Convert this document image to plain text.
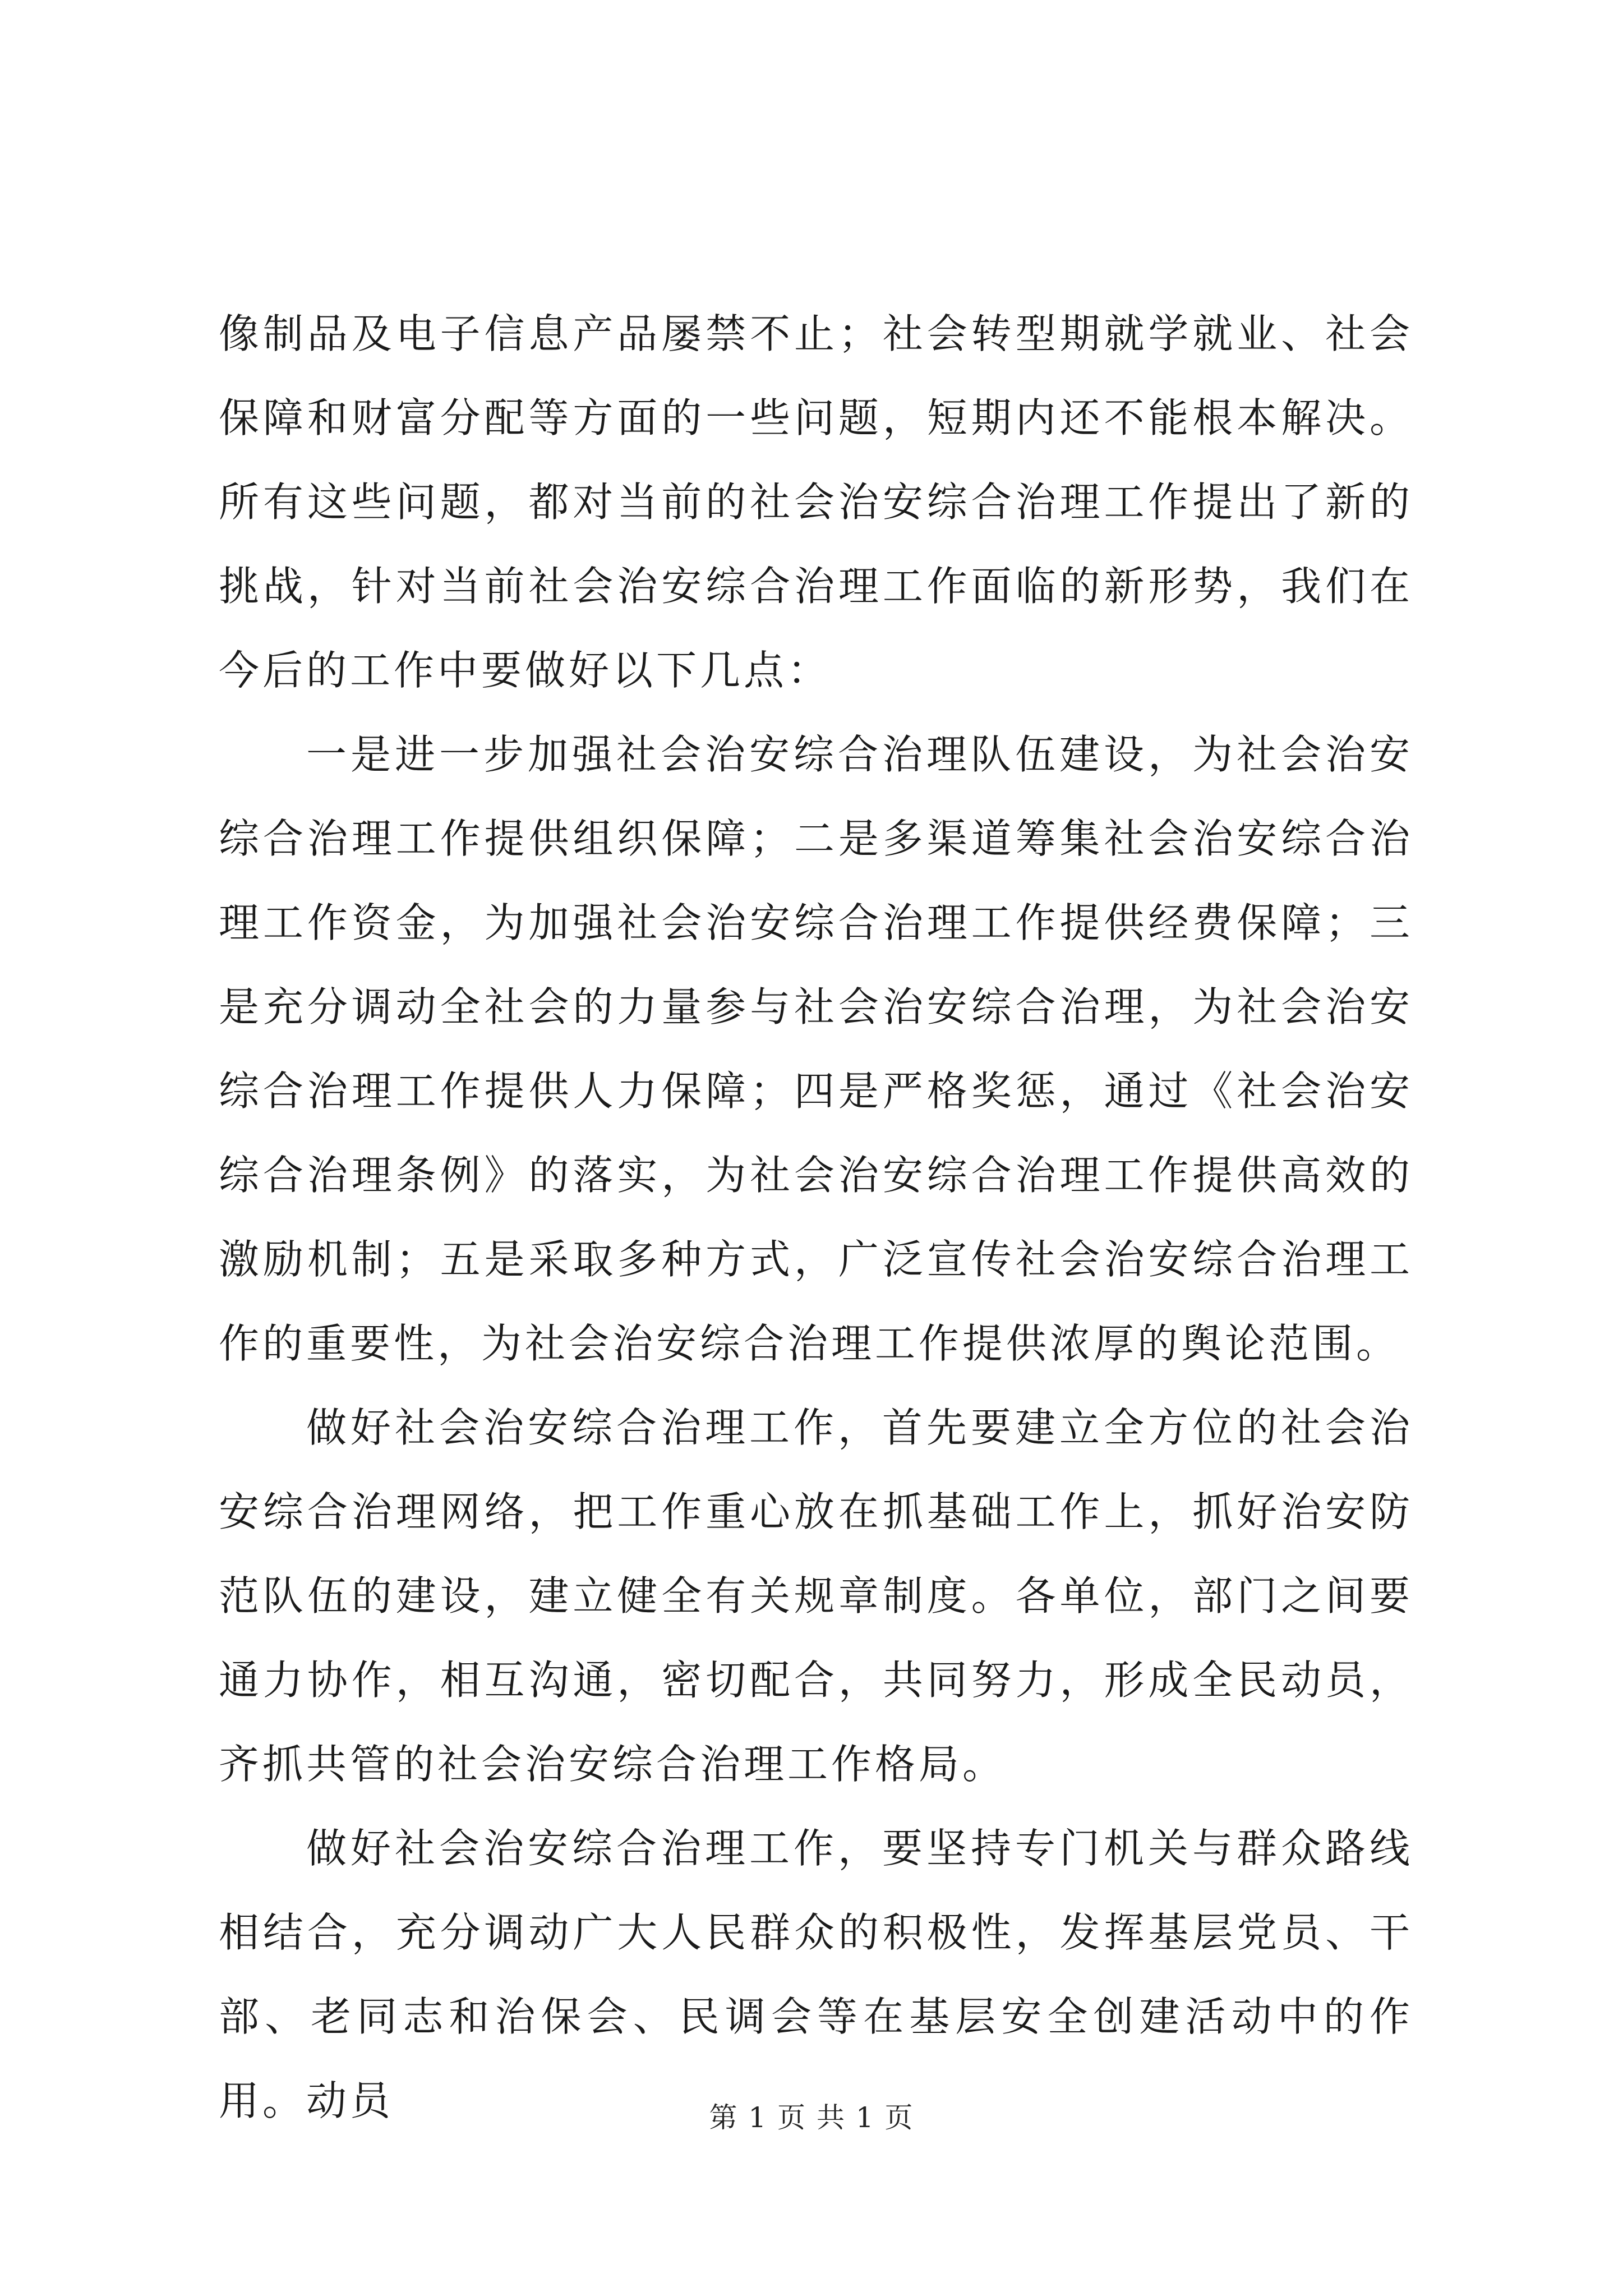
像制品及电子信息产品屡禁不止；社会转型期就学就业、社会保障和财富分配等方面的一些问题，短期内还不能根本解决。所有这些问题，都对当前的社会治安综合治理工作提出了新的挑战，针对当前社会治安综合治理工作面临的新形势，我们在今后的工作中要做好以下几点：

一是进一步加强社会治安综合治理队伍建设，为社会治安综合治理工作提供组织保障；二是多渠道筹集社会治安综合治理工作资金，为加强社会治安综合治理工作提供经费保障；三是充分调动全社会的力量参与社会治安综合治理，为社会治安综合治理工作提供人力保障；四是严格奖惩，通过《社会治安综合治理条例》的落实，为社会治安综合治理工作提供高效的激励机制；五是采取多种方式，广泛宣传社会治安综合治理工作的重要性，为社会治安综合治理工作提供浓厚的舆论范围。

做好社会治安综合治理工作，首先要建立全方位的社会治安综合治理网络，把工作重心放在抓基础工作上，抓好治安防范队伍的建设，建立健全有关规章制度。各单位，部门之间要通力协作，相互沟通，密切配合，共同努力，形成全民动员，齐抓共管的社会治安综合治理工作格局。

做好社会治安综合治理工作，要坚持专门机关与群众路线相结合，充分调动广大人民群众的积极性，发挥基层党员、干部、老同志和治保会、民调会等在基层安全创建活动中的作用。动员	第 1 页 共 1 页
